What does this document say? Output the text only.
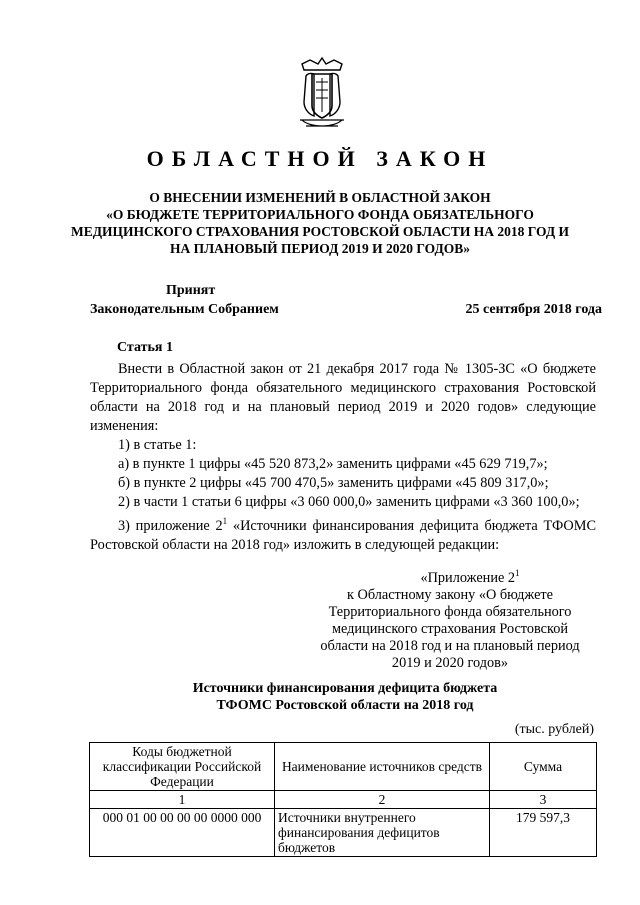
ОБЛАСТНОЙ ЗАКОН
О ВНЕСЕНИИ ИЗМЕНЕНИЙ В ОБЛАСТНОЙ ЗАКОН
«О БЮДЖЕТЕ ТЕРРИТОРИАЛЬНОГО ФОНДА ОБЯЗАТЕЛЬНОГО
МЕДИЦИНСКОГО СТРАХОВАНИЯ РОСТОВСКОЙ ОБЛАСТИ НА 2018 ГОД И
НА ПЛАНОВЫЙ ПЕРИОД 2019 И 2020 ГОДОВ»
Принят
Законодательным Собранием	25 сентября 2018 года
Статья 1

Внести в Областной закон от 21 декабря 2017 года № 1305-ЗС «О бюджете Территориального фонда обязательного медицинского страхования Ростовской области на 2018 год и на плановый период 2019 и 2020 годов» следующие изменения:

1) в статье 1:

а) в пункте 1 цифры «45 520 873,2» заменить цифрами «45 629 719,7»;

б) в пункте 2 цифры «45 700 470,5» заменить цифрами «45 809 317,0»;

2) в части 1 статьи 6 цифры «3 060 000,0» заменить цифрами «3 360 100,0»;

3) приложение $2^1$ «Источники финансирования дефицита бюджета ТФОМС Ростовской области на 2018 год» изложить в следующей редакции:

«Приложение $2^1$
к Областному закону «О бюджете
Территориального фонда обязательного
медицинского страхования Ростовской
области на 2018 год и на плановый период
2019 и 2020 годов»
Источники финансирования дефицита бюджета
ТФОМС Ростовской области на 2018 год
(тыс. рублей)
Коды бюджетной классификации Российской Федерации	Наименование источников средств	Сумма
1	2	3
000 01 00 00 00 00 0000 000	Источники внутреннего финансирования дефицитов бюджетов	179 597,3
